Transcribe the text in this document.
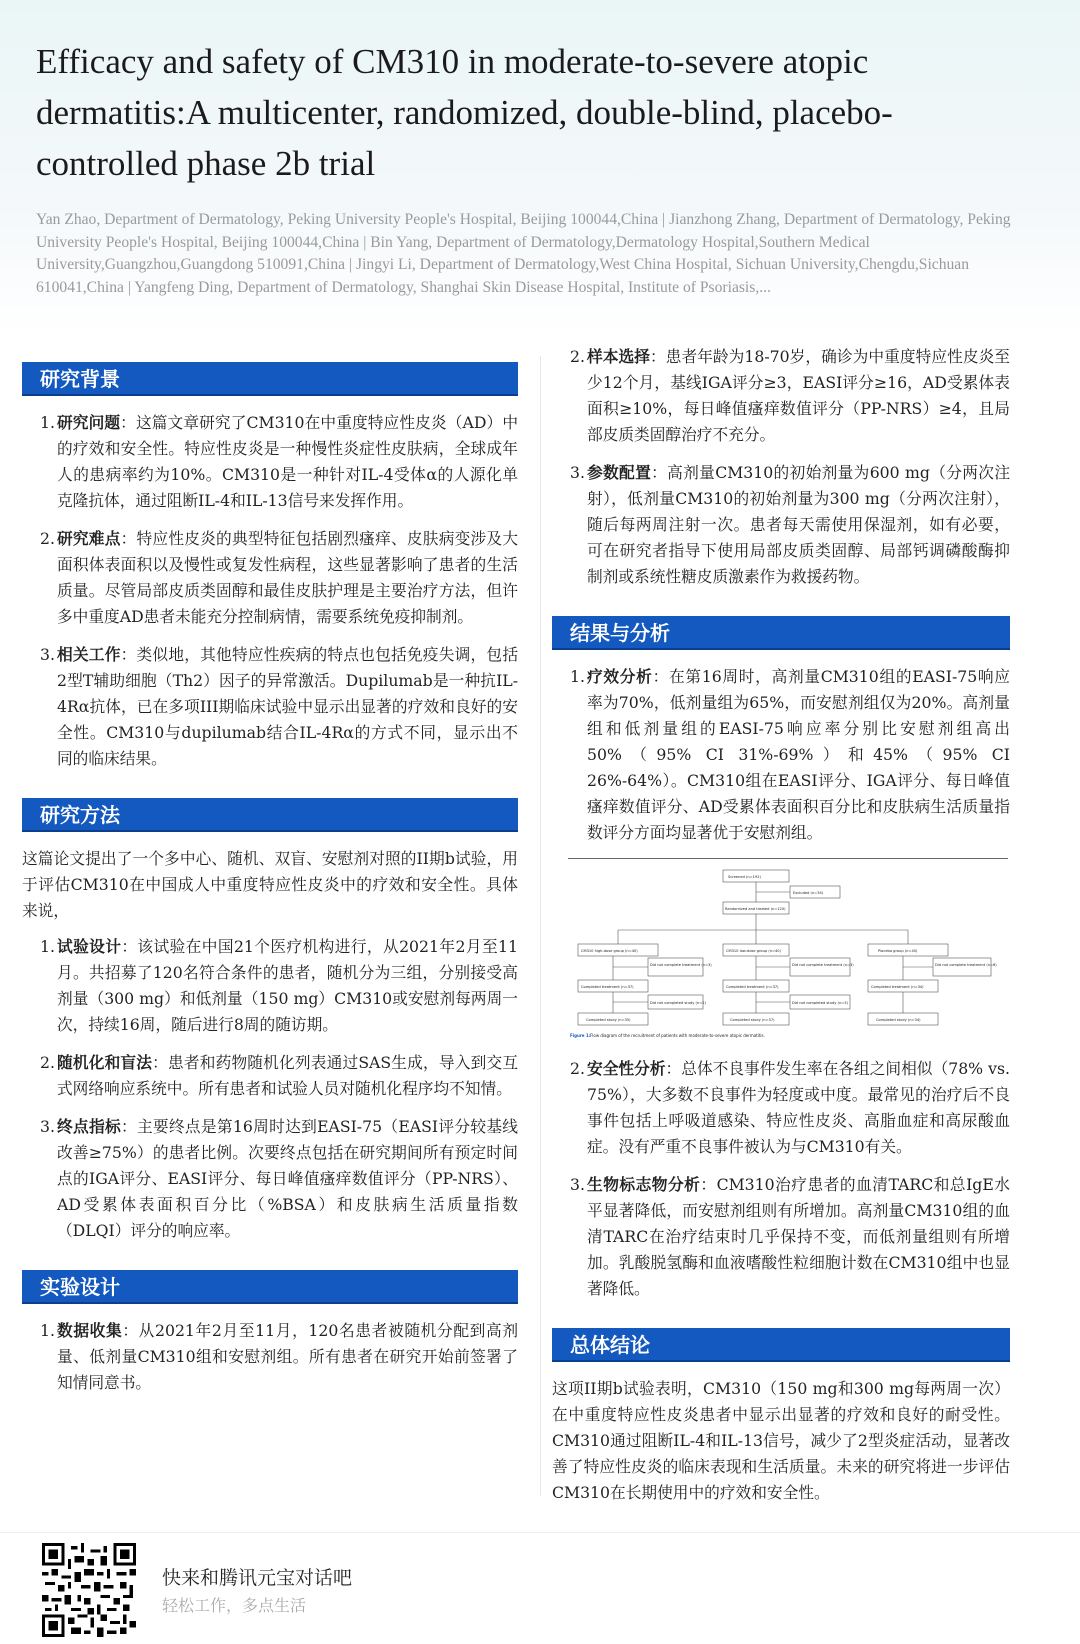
Efficacy and safety of CM310 in moderate-to-severe atopic dermatitis:A multicenter, randomized, double-blind, placebo-controlled phase 2b trial
Yan Zhao, Department of Dermatology, Peking University People's Hospital, Beijing 100044,China | Jianzhong Zhang, Department of Dermatology, Peking University People's Hospital, Beijing 100044,China | Bin Yang, Department of Dermatology,Dermatology Hospital,Southern Medical University,Guangzhou,Guangdong 510091,China | Jingyi Li, Department of Dermatology,West China Hospital, Sichuan University,Chengdu,Sichuan 610041,China | Yangfeng Ding, Department of Dermatology, Shanghai Skin Disease Hospital, Institute of Psoriasis,...
研究背景
1. 研究问题：这篇文章研究了CM310在中重度特应性皮炎（AD）中的疗效和安全性。特应性皮炎是一种慢性炎症性皮肤病，全球成年人的患病率约为10%。CM310是一种针对IL-4受体α的人源化单克隆抗体，通过阻断IL-4和IL-13信号来发挥作用。
2. 研究难点：特应性皮炎的典型特征包括剧烈瘙痒、皮肤病变涉及大面积体表面积以及慢性或复发性病程，这些显著影响了患者的生活质量。尽管局部皮质类固醇和最佳皮肤护理是主要治疗方法，但许多中重度AD患者未能充分控制病情，需要系统免疫抑制剂。
3. 相关工作：类似地，其他特应性疾病的特点也包括免疫失调，包括2型T辅助细胞（Th2）因子的异常激活。Dupilumab是一种抗IL-4Rα抗体，已在多项III期临床试验中显示出显著的疗效和良好的安全性。CM310与dupilumab结合IL-4Rα的方式不同，显示出不同的临床结果。
研究方法
这篇论文提出了一个多中心、随机、双盲、安慰剂对照的II期b试验，用于评估CM310在中国成人中重度特应性皮炎中的疗效和安全性。具体来说，
1. 试验设计：该试验在中国21个医疗机构进行，从2021年2月至11月。共招募了120名符合条件的患者，随机分为三组，分别接受高剂量（300 mg）和低剂量（150 mg）CM310或安慰剂每两周一次，持续16周，随后进行8周的随访期。
2. 随机化和盲法：患者和药物随机化列表通过SAS生成，导入到交互式网络响应系统中。所有患者和试验人员对随机化程序均不知情。
3. 终点指标：主要终点是第16周时达到EASI-75（EASI评分较基线改善≥75%）的患者比例。次要终点包括在研究期间所有预定时间点的IGA评分、EASI评分、每日峰值瘙痒数值评分（PP-NRS）、AD受累体表面积百分比（%BSA）和皮肤病生活质量指数（DLQI）评分的响应率。
实验设计
1. 数据收集：从2021年2月至11月，120名患者被随机分配到高剂量、低剂量CM310组和安慰剂组。所有患者在研究开始前签署了知情同意书。
2. 样本选择：患者年龄为18-70岁，确诊为中重度特应性皮炎至少12个月，基线IGA评分≥3，EASI评分≥16，AD受累体表面积≥10%，每日峰值瘙痒数值评分（PP-NRS）≥4，且局部皮质类固醇治疗不充分。
3. 参数配置：高剂量CM310的初始剂量为600 mg（分两次注射），低剂量CM310的初始剂量为300 mg（分两次注射），随后每两周注射一次。患者每天需使用保湿剂，如有必要，可在研究者指导下使用局部皮质类固醇、局部钙调磷酸酶抑制剂或系统性糖皮质激素作为救援药物。
结果与分析
1. 疗效分析：在第16周时，高剂量CM310组的EASI-75响应率为70%，低剂量组为65%，而安慰剂组仅为20%。高剂量组和低剂量组的EASI-75响应率分别比安慰剂组高出50%（95% CI 31%-69%）和45%（95% CI 26%-64%）。CM310组在EASI评分、IGA评分、每日峰值瘙痒数值评分、AD受累体表面积百分比和皮肤病生活质量指数评分方面均显著优于安慰剂组。
Screened (n=192)
Excluded (n=34)
Randomized and treated (n=120)
CM310 high-dose group (n=40)	CM310 low-dose group (n=40)	Placebo group (n=40)
Did not complete treatment (n=3)	Did not complete treatment (n=3)	Did not complete treatment (n=6)
Completed treatment (n=37)	Completed treatment (n=37)	Completed treatment (n=34)
Did not completed study (n=2)	Did not completed study (n=3)
Completed study (n=35)	Completed study (n=37)	Completed study (n=34)
Figure 1: Flow diagram of the recruitment of patients with moderate-to-severe atopic dermatitis.
2. 安全性分析：总体不良事件发生率在各组之间相似（78% vs. 75%），大多数不良事件为轻度或中度。最常见的治疗后不良事件包括上呼吸道感染、特应性皮炎、高脂血症和高尿酸血症。没有严重不良事件被认为与CM310有关。
3. 生物标志物分析：CM310治疗患者的血清TARC和总IgE水平显著降低，而安慰剂组则有所增加。高剂量CM310组的血清TARC在治疗结束时几乎保持不变，而低剂量组则有所增加。乳酸脱氢酶和血液嗜酸性粒细胞计数在CM310组中也显著降低。
总体结论
这项II期b试验表明，CM310（150 mg和300 mg每两周一次）在中重度特应性皮炎患者中显示出显著的疗效和良好的耐受性。CM310通过阻断IL-4和IL-13信号，减少了2型炎症活动，显著改善了特应性皮炎的临床表现和生活质量。未来的研究将进一步评估CM310在长期使用中的疗效和安全性。
快来和腾讯元宝对话吧
轻松工作，多点生活
